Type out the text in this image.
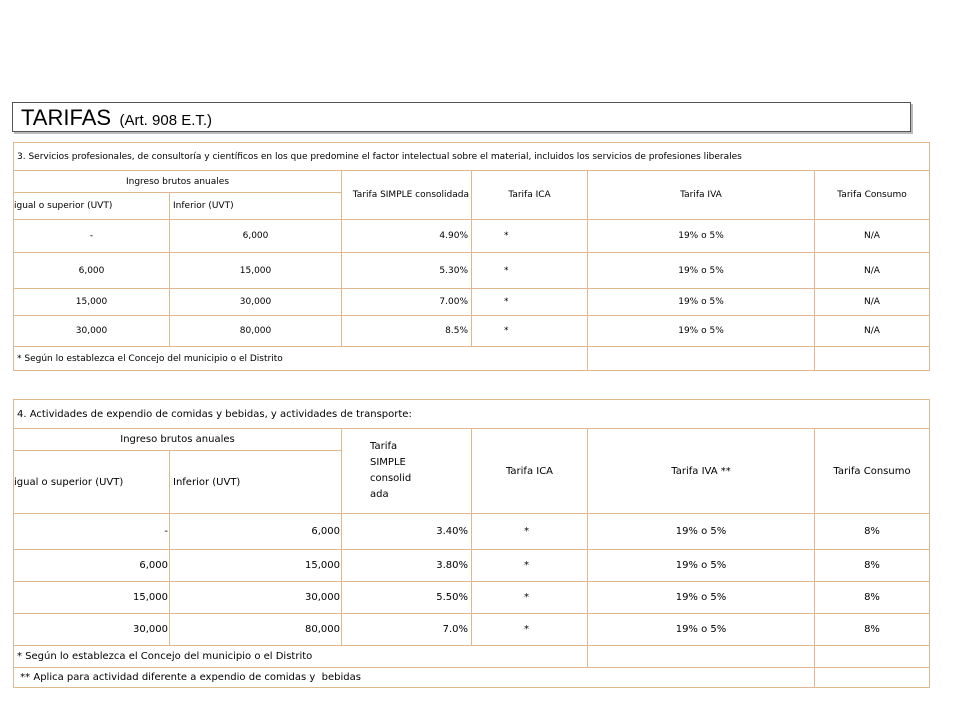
TARIFAS (Art. 908 E.T.)
3. Servicios profesionales, de consultoría y científicos en los que predomine el factor intelectual sobre el material, incluidos los servicios de profesiones liberales					
Ingreso brutos anuales		Tarifa SIMPLE consolidada	Tarifa ICA	Tarifa IVA	Tarifa Consumo
igual o superior (UVT)	Inferior (UVT)				
-	6,000	4.90%	*	19% o 5%	N/A
6,000	15,000	5.30%	*	19% o 5%	N/A
15,000	30,000	7.00%	*	19% o 5%	N/A
30,000	80,000	8.5%	*	19% o 5%	N/A
* Según lo establezca el Concejo del municipio o el Distrito					
4. Actividades de expendio de comidas y bebidas, y actividades de transporte:					
Ingreso brutos anuales		Tarifa
SIMPLE
consolid
ada	Tarifa ICA	Tarifa IVA **	Tarifa Consumo
igual o superior (UVT)	Inferior (UVT)				
-	6,000	3.40%	*	19% o 5%	8%
6,000	15,000	3.80%	*	19% o 5%	8%
15,000	30,000	5.50%	*	19% o 5%	8%
30,000	80,000	7.0%	*	19% o 5%	8%
* Según lo establezca el Concejo del municipio o el Distrito					
** Aplica para actividad diferente a expendio de comidas y  bebidas					
